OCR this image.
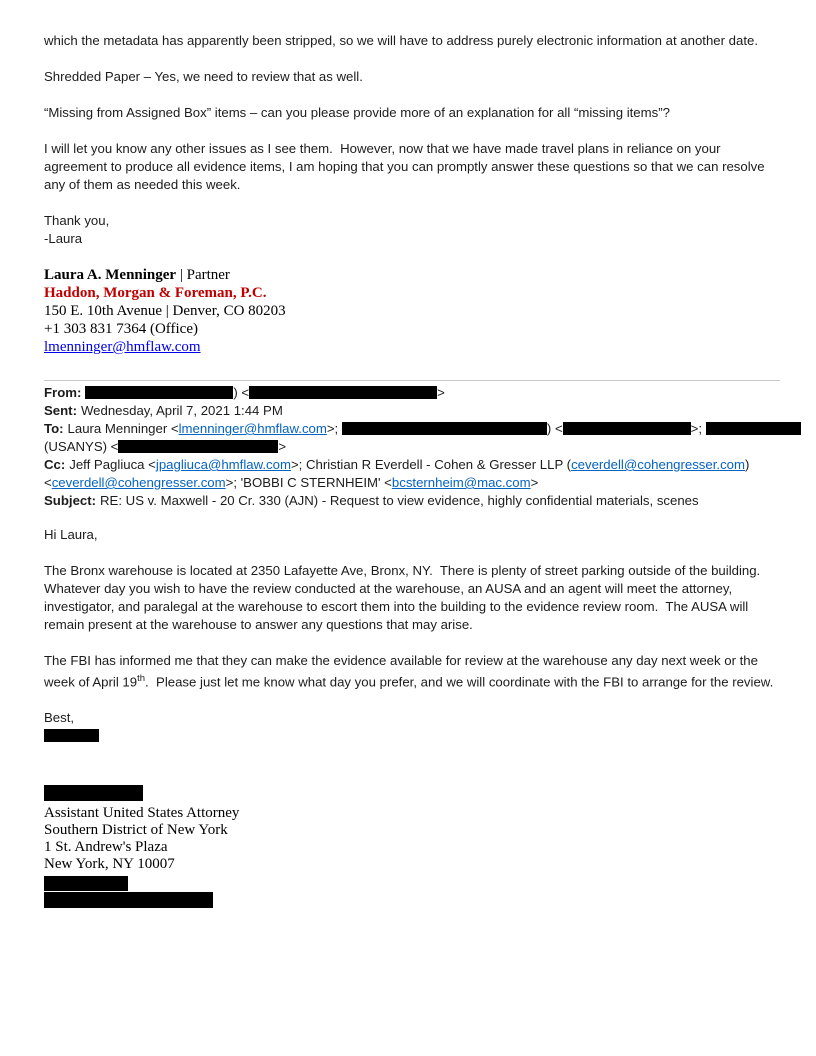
which the metadata has apparently been stripped, so we will have to address purely electronic information at another date.

Shredded Paper – Yes, we need to review that as well.

“Missing from Assigned Box” items – can you please provide more of an explanation for all “missing items”?

I will let you know any other issues as I see them.  However, now that we have made travel plans in reliance on your agreement to produce all evidence items, I am hoping that you can promptly answer these questions so that we can resolve any of them as needed this week.

Thank you,
-Laura
Laura A. Menninger | Partner
Haddon, Morgan & Foreman, P.C.
150 E. 10th Avenue | Denver, CO 80203
+1 303 831 7364 (Office)
lmenninger@hmflaw.com
From:	) <	>
Sent: Wednesday, April 7, 2021 1:44 PM
To: Laura Menninger <lmenninger@hmflaw.com>;	) <	>;
(USANYS) <	>
Cc: Jeff Pagliuca <jpagliuca@hmflaw.com>; Christian R Everdell - Cohen & Gresser LLP (ceverdell@cohengresser.com)
<ceverdell@cohengresser.com>; 'BOBBI C STERNHEIM' <bcsternheim@mac.com>
Subject: RE: US v. Maxwell - 20 Cr. 330 (AJN) - Request to view evidence, highly confidential materials, scenes

Hi Laura,

The Bronx warehouse is located at 2350 Lafayette Ave, Bronx, NY.  There is plenty of street parking outside of the building.  Whatever day you wish to have the review conducted at the warehouse, an AUSA and an agent will meet the attorney, investigator, and paralegal at the warehouse to escort them into the building to the evidence review room.  The AUSA will remain present at the warehouse to answer any questions that may arise.

The FBI has informed me that they can make the evidence available for review at the warehouse any day next week or the week of April 19th.  Please just let me know what day you prefer, and we will coordinate with the FBI to arrange for the review.

Best,
Assistant United States Attorney
Southern District of New York
1 St. Andrew's Plaza
New York, NY 10007
